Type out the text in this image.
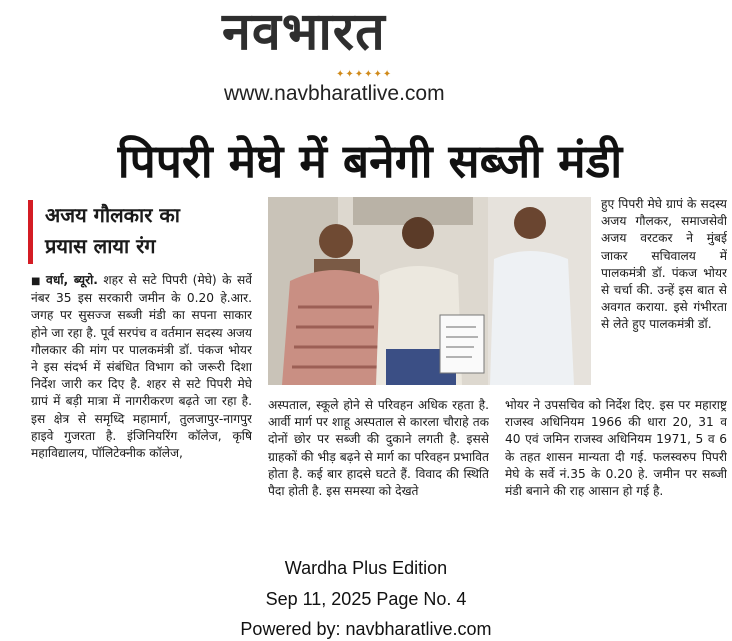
नवभारत
✦✦✦✦✦✦
www.navbharatlive.com
पिपरी मेघे में बनेगी सब्जी मंडी
अजय गौलकार का
प्रयास लाया रंग
■ वर्धा, ब्यूरो. शहर से सटे पिपरी (मेघे) के सर्वे नंबर 35 इस सरकारी जमीन के 0.20 हे.आर. जगह पर सुसज्ज सब्जी मंडी का सपना साकार होने जा रहा है. पूर्व सरपंच व वर्तमान सदस्य अजय गौलकार की मांग पर पालकमंत्री डॉ. पंकज भोयर ने इस संदर्भ में संबंधित विभाग को जरूरी दिशा निर्देश जारी कर दिए है. शहर से सटे पिपरी मेघे ग्रापं में बड़ी मात्रा में नागरीकरण बढ़ते जा रहा है. इस क्षेत्र से समृध्दि महामार्ग, तुलजापुर-नागपुर हाइवे गुजरता है. इंजिनियरिंग कॉलेज, कृषि महाविद्यालय, पॉलिटेक्नीक कॉलेज,
अस्पताल, स्कूले होने से परिवहन अधिक रहता है. आर्वी मार्ग पर शाहू अस्पताल से कारला चौराहे तक दोनों छोर पर सब्जी की दुकाने लगती है. इससे ग्राहकों की भीड़ बढ़ने से मार्ग का परिवहन प्रभावित होता है. कई बार हादसे घटते हैं. विवाद की स्थिति पैदा होती है. इस समस्या को देखते
हुए पिपरी मेघे ग्रापं के सदस्य अजय गौलकर, समाजसेवी अजय वरटकर ने मुंबई जाकर सचिवालय में पालकमंत्री डॉ. पंकज भोयर से चर्चा की. उन्हें इस बात से अवगत कराया. इसे गंभीरता से लेते हुए पालकमंत्री डॉ.
भोयर ने उपसचिव को निर्देश दिए. इस पर महाराष्ट्र राजस्व अधिनियम 1966 की धारा 20, 31 व 40 एवं जमिन राजस्व अधिनियम 1971, 5 व 6 के तहत शासन मान्यता दी गई. फलस्वरुप पिपरी मेघे के सर्वे नं.35 के 0.20 हे. जमीन पर सब्जी मंडी बनाने की राह आसान हो गई है.
Wardha Plus Edition
Sep 11, 2025 Page No. 4
Powered by: navbharatlive.com
